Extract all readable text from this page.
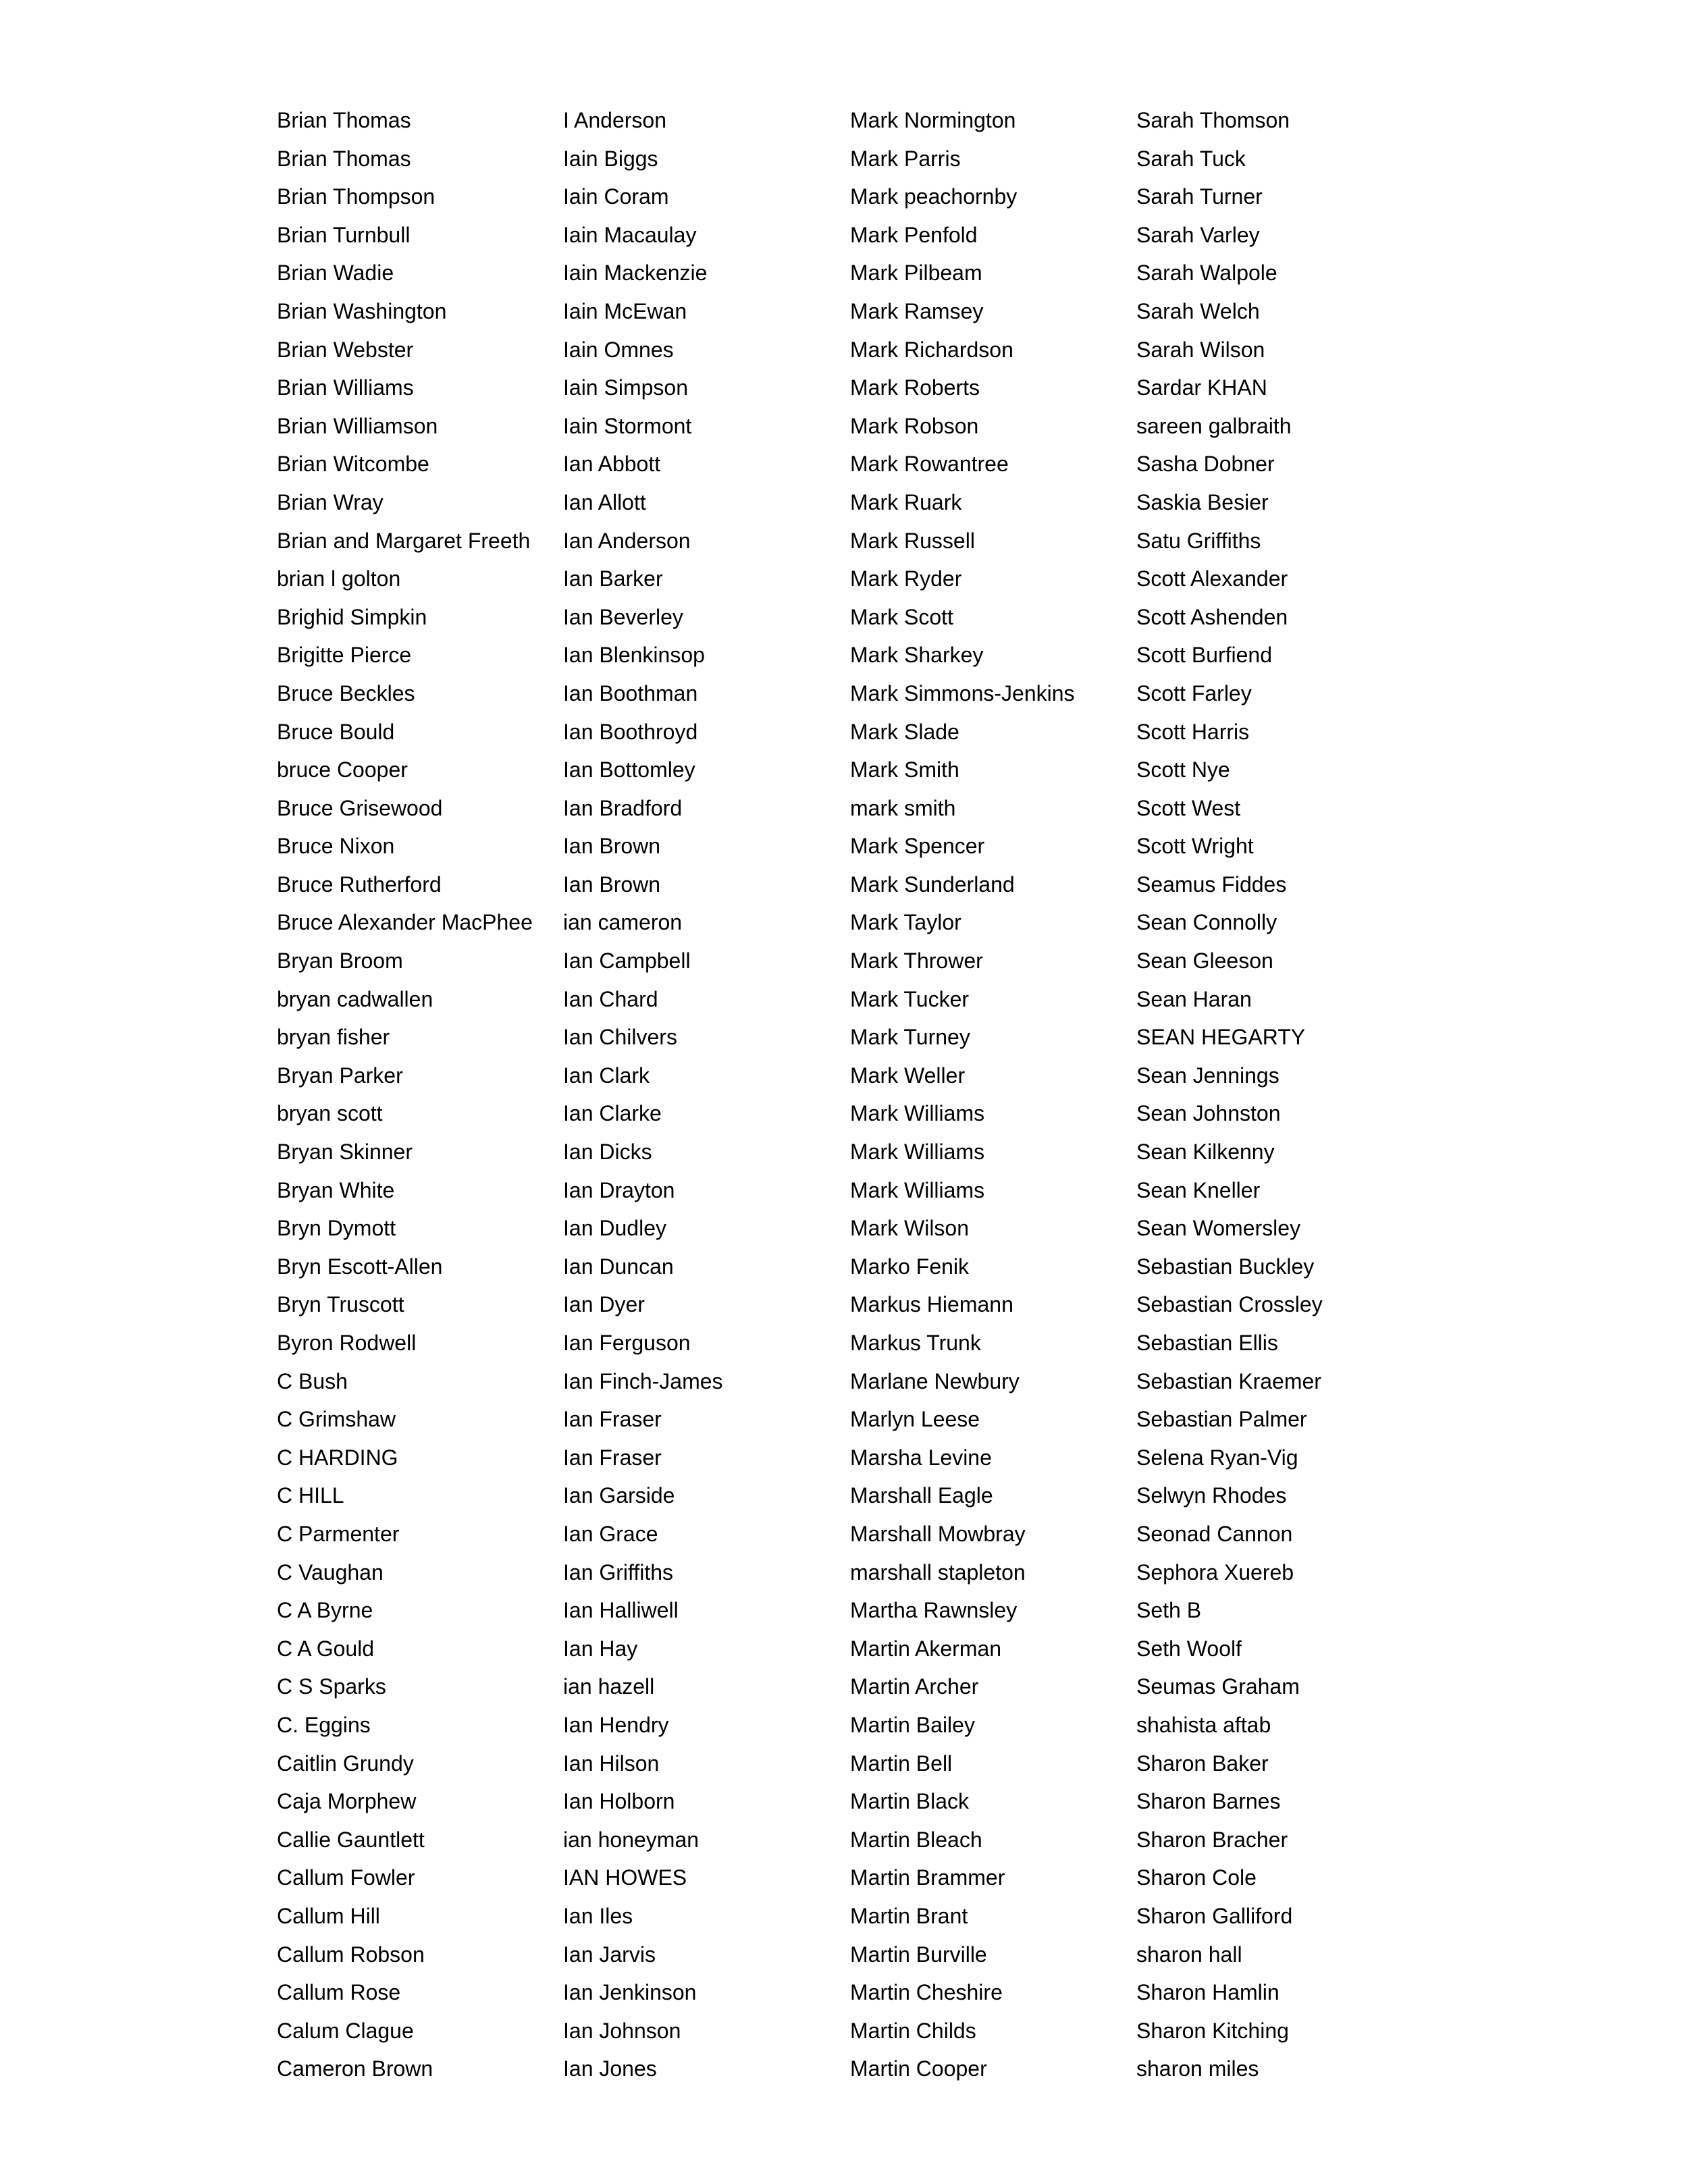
Brian Thomas
Brian Thomas
Brian Thompson
Brian Turnbull
Brian Wadie
Brian Washington
Brian Webster
Brian Williams
Brian Williamson
Brian Witcombe
Brian Wray
Brian and Margaret Freeth
brian l golton
Brighid Simpkin
Brigitte Pierce
Bruce Beckles
Bruce Bould
bruce Cooper
Bruce Grisewood
Bruce Nixon
Bruce Rutherford
Bruce Alexander MacPhee
Bryan Broom
bryan cadwallen
bryan fisher
Bryan Parker
bryan scott
Bryan Skinner
Bryan White
Bryn Dymott
Bryn Escott-Allen
Bryn Truscott
Byron Rodwell
C Bush
C Grimshaw
C HARDING
C HILL
C Parmenter
C Vaughan
C A Byrne
C A Gould
C S Sparks
C. Eggins
Caitlin Grundy
Caja Morphew
Callie Gauntlett
Callum Fowler
Callum Hill
Callum Robson
Callum Rose
Calum Clague
Cameron Brown
I Anderson
Iain Biggs
Iain Coram
Iain Macaulay
Iain Mackenzie
Iain McEwan
Iain Omnes
Iain Simpson
Iain Stormont
Ian Abbott
Ian Allott
Ian Anderson
Ian Barker
Ian Beverley
Ian Blenkinsop
Ian Boothman
Ian Boothroyd
Ian Bottomley
Ian Bradford
Ian Brown
Ian Brown
ian cameron
Ian Campbell
Ian Chard
Ian Chilvers
Ian Clark
Ian Clarke
Ian Dicks
Ian Drayton
Ian Dudley
Ian Duncan
Ian Dyer
Ian Ferguson
Ian Finch-James
Ian Fraser
Ian Fraser
Ian Garside
Ian Grace
Ian Griffiths
Ian Halliwell
Ian Hay
ian hazell
Ian Hendry
Ian Hilson
Ian Holborn
ian honeyman
IAN HOWES
Ian Iles
Ian Jarvis
Ian Jenkinson
Ian Johnson
Ian Jones
Mark Normington
Mark Parris
Mark peachornby
Mark Penfold
Mark Pilbeam
Mark Ramsey
Mark Richardson
Mark Roberts
Mark Robson
Mark Rowantree
Mark Ruark
Mark Russell
Mark Ryder
Mark Scott
Mark Sharkey
Mark Simmons-Jenkins
Mark Slade
Mark Smith
mark smith
Mark Spencer
Mark Sunderland
Mark Taylor
Mark Thrower
Mark Tucker
Mark Turney
Mark Weller
Mark Williams
Mark Williams
Mark Williams
Mark Wilson
Marko Fenik
Markus Hiemann
Markus Trunk
Marlane Newbury
Marlyn Leese
Marsha Levine
Marshall Eagle
Marshall Mowbray
marshall stapleton
Martha Rawnsley
Martin Akerman
Martin Archer
Martin Bailey
Martin Bell
Martin Black
Martin Bleach
Martin Brammer
Martin Brant
Martin Burville
Martin Cheshire
Martin Childs
Martin Cooper
Sarah Thomson
Sarah Tuck
Sarah Turner
Sarah Varley
Sarah Walpole
Sarah Welch
Sarah Wilson
Sardar KHAN
sareen galbraith
Sasha Dobner
Saskia Besier
Satu Griffiths
Scott Alexander
Scott Ashenden
Scott Burfiend
Scott Farley
Scott Harris
Scott Nye
Scott West
Scott Wright
Seamus Fiddes
Sean Connolly
Sean Gleeson
Sean Haran
SEAN HEGARTY
Sean Jennings
Sean Johnston
Sean Kilkenny
Sean Kneller
Sean Womersley
Sebastian Buckley
Sebastian Crossley
Sebastian Ellis
Sebastian Kraemer
Sebastian Palmer
Selena Ryan-Vig
Selwyn Rhodes
Seonad Cannon
Sephora Xuereb
Seth B
Seth Woolf
Seumas Graham
shahista aftab
Sharon Baker
Sharon Barnes
Sharon Bracher
Sharon Cole
Sharon Galliford
sharon hall
Sharon Hamlin
Sharon Kitching
sharon miles
